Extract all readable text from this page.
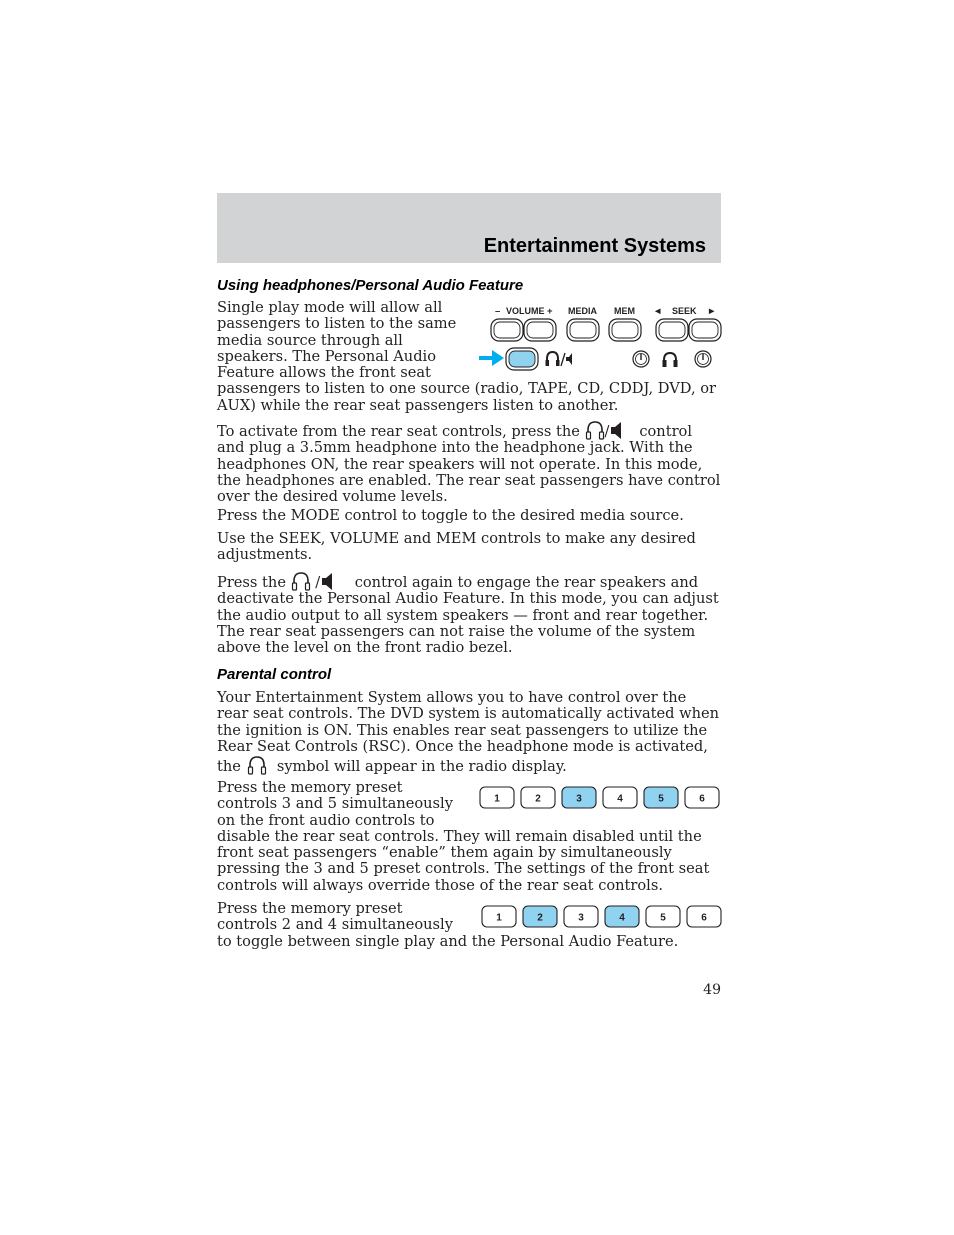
Entertainment Systems
Using headphones/Personal Audio Feature

Single play mode will allow all passengers to listen to the same media source through all speakers. The Personal Audio Feature allows the front seat passengers to listen to one source (radio, TAPE, CD, CDDJ, DVD, or AUX) while the rear seat passengers listen to another.

– VOLUME + MEDIA MEM ◄ SEEK ►

To activate from the rear seat controls, press the / control and plug a 3.5mm headphone into the headphone jack. With the headphones ON, the rear speakers will not operate. In this mode, the headphones are enabled. The rear seat passengers have control over the desired volume levels.

Press the MODE control to toggle to the desired media source.

Use the SEEK, VOLUME and MEM controls to make any desired adjustments.

Press the / control again to engage the rear speakers and deactivate the Personal Audio Feature. In this mode, you can adjust the audio output to all system speakers — front and rear together. The rear seat passengers can not raise the volume of the system above the level on the front radio bezel.

Parental control

Your Entertainment System allows you to have control over the rear seat controls. The DVD system is automatically activated when the ignition is ON. This enables rear seat passengers to utilize the Rear Seat Controls (RSC). Once the headphone mode is activated, the symbol will appear in the radio display.

Press the memory preset controls 3 and 5 simultaneously on the front audio controls to disable the rear seat controls. They will remain disabled until the front seat passengers “enable” them again by simultaneously pressing the 3 and 5 preset controls. The settings of the front seat controls will always override those of the rear seat controls.

1	2	3	4	5	6

Press the memory preset controls 2 and 4 simultaneously to toggle between single play and the Personal Audio Feature.

1	2	3	4	5	6
49
